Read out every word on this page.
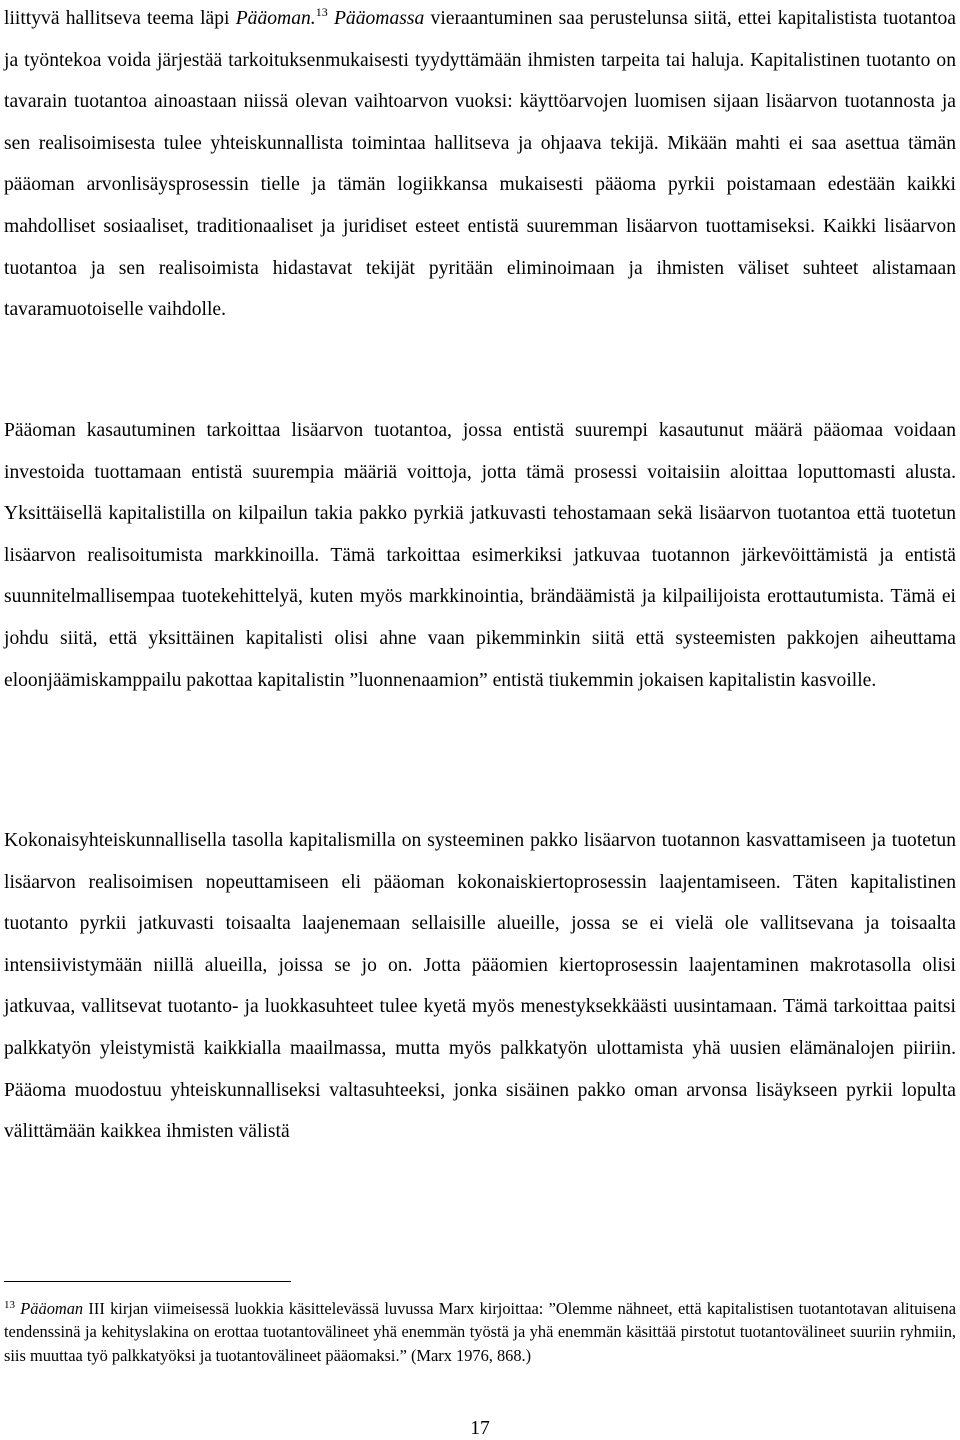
liittyvä hallitseva teema läpi Pääoman.$^{13}$ Pääomassa vieraantuminen saa perustelunsa siitä, ettei kapitalistista tuotantoa ja työntekoa voida järjestää tarkoituksenmukaisesti tyydyttämään ihmisten tarpeita tai haluja. Kapitalistinen tuotanto on tavarain tuotantoa ainoastaan niissä olevan vaihtoarvon vuoksi: käyttöarvojen luomisen sijaan lisäarvon tuotannosta ja sen realisoimisesta tulee yhteiskunnallista toimintaa hallitseva ja ohjaava tekijä. Mikään mahti ei saa asettua tämän pääoman arvonlisäysprosessin tielle ja tämän logiikkansa mukaisesti pääoma pyrkii poistamaan edestään kaikki mahdolliset sosiaaliset, traditionaaliset ja juridiset esteet entistä suuremman lisäarvon tuottamiseksi. Kaikki lisäarvon tuotantoa ja sen realisoimista hidastavat tekijät pyritään eliminoimaan ja ihmisten väliset suhteet alistamaan tavaramuotoiselle vaihdolle.

Pääoman kasautuminen tarkoittaa lisäarvon tuotantoa, jossa entistä suurempi kasautunut määrä pääomaa voidaan investoida tuottamaan entistä suurempia määriä voittoja, jotta tämä prosessi voitaisiin aloittaa loputtomasti alusta. Yksittäisellä kapitalistilla on kilpailun takia pakko pyrkiä jatkuvasti tehostamaan sekä lisäarvon tuotantoa että tuotetun lisäarvon realisoitumista markkinoilla. Tämä tarkoittaa esimerkiksi jatkuvaa tuotannon järkevöittämistä ja entistä suunnitelmallisempaa tuotekehittelyä, kuten myös markkinointia, brändäämistä ja kilpailijoista erottautumista. Tämä ei johdu siitä, että yksittäinen kapitalisti olisi ahne vaan pikemminkin siitä että systeemisten pakkojen aiheuttama eloonjäämiskamppailu pakottaa kapitalistin ”luonnenaamion” entistä tiukemmin jokaisen kapitalistin kasvoille.

Kokonaisyhteiskunnallisella tasolla kapitalismilla on systeeminen pakko lisäarvon tuotannon kasvattamiseen ja tuotetun lisäarvon realisoimisen nopeuttamiseen eli pääoman kokonaiskiertoprosessin laajentamiseen. Täten kapitalistinen tuotanto pyrkii jatkuvasti toisaalta laajenemaan sellaisille alueille, jossa se ei vielä ole vallitsevana ja toisaalta intensiivistymään niillä alueilla, joissa se jo on. Jotta pääomien kiertoprosessin laajentaminen makrotasolla olisi jatkuvaa, vallitsevat tuotanto- ja luokkasuhteet tulee kyetä myös menestyksekkäästi uusintamaan. Tämä tarkoittaa paitsi palkkatyön yleistymistä kaikkialla maailmassa, mutta myös palkkatyön ulottamista yhä uusien elämänalojen piiriin. Pääoma muodostuu yhteiskunnalliseksi valtasuhteeksi, jonka sisäinen pakko oman arvonsa lisäykseen pyrkii lopulta välittämään kaikkea ihmisten välistä

$^{13}$ Pääoman III kirjan viimeisessä luokkia käsittelevässä luvussa Marx kirjoittaa: ”Olemme nähneet, että kapitalistisen tuotantotavan alituisena tendenssinä ja kehityslakina on erottaa tuotantovälineet yhä enemmän työstä ja yhä enemmän käsittää pirstotut tuotantovälineet suuriin ryhmiin, siis muuttaa työ palkkatyöksi ja tuotantovälineet pääomaksi.” (Marx 1976, 868.)

17
